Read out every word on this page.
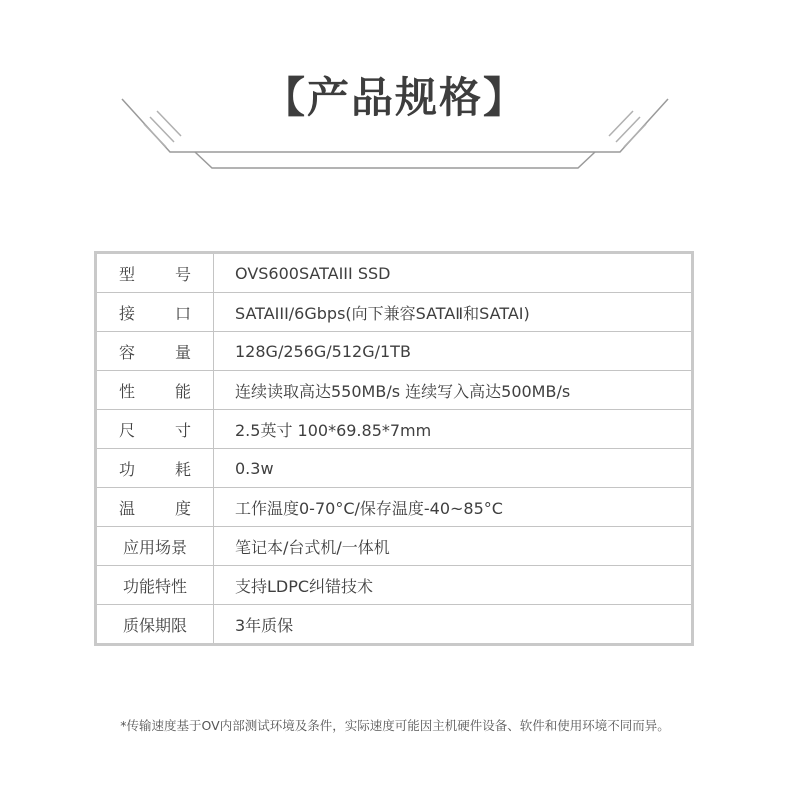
【产品规格】
型 号	OVS600SATAIII SSD

接 口	SATAIII/6Gbps(向下兼容SATAⅡ和SATAⅠ)

容 量	128G/256G/512G/1TB

性 能	连续读取高达550MB/s 连续写入高达500MB/s

尺 寸	2.5英寸 100*69.85*7mm

功 耗	0.3w

温 度	工作温度0-70°C/保存温度-40~85°C
应用场景	笔记本/台式机/一体机
功能特性	支持LDPC纠错技术
质保期限	3年质保
*传输速度基于OV内部测试环境及条件，实际速度可能因主机硬件设备、软件和使用环境不同而异。
